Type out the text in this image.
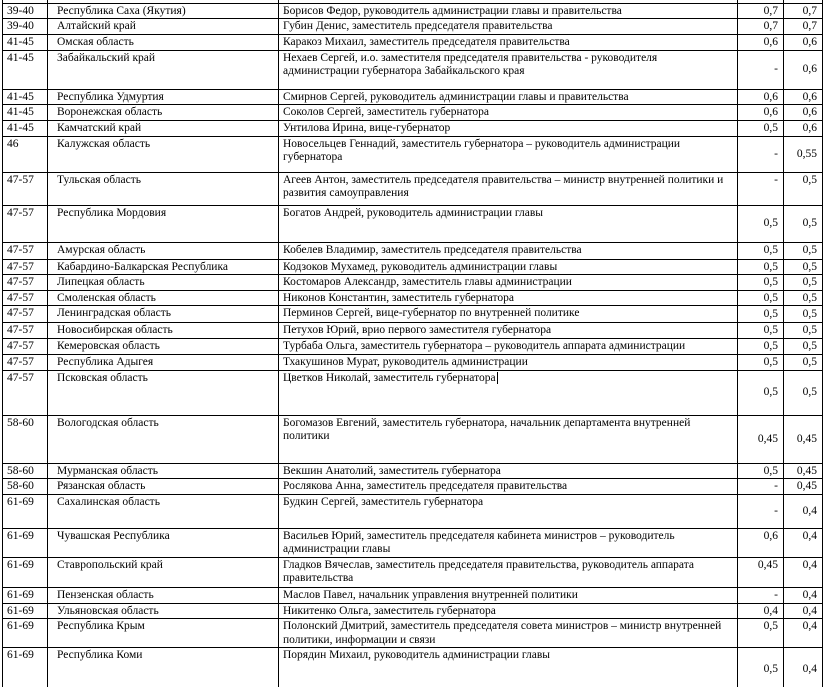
39-40	Республика Саха (Якутия)	Борисов Федор, руководитель администрации главы и правительства	0,7	0,7
39-40	Алтайский край	Губин Денис, заместитель председателя правительства	0,7	0,7
41-45	Омская область	Каракоз Михаил, заместитель председателя правительства	0,6	0,6
41-45	Забайкальский край	Нехаев Сергей, и.о. заместителя председателя правительства - руководителя администрации губернатора Забайкальского края	-	0,6
41-45	Республика Удмуртия	Смирнов Сергей, руководитель администрации главы и правительства	0,6	0,6
41-45	Воронежская область	Соколов Сергей, заместитель губернатора	0,6	0,6
41-45	Камчатский край	Унтилова Ирина, вице-губернатор	0,5	0,6
46	Калужская область	Новосельцев Геннадий, заместитель губернатора – руководитель администрации губернатора	-	0,55
47-57	Тульская область	Агеев Антон, заместитель председателя правительства – министр внутренней политики и развития самоуправления	-	0,5
47-57	Республика Мордовия	Богатов Андрей, руководитель администрации главы	0,5	0,5
47-57	Амурская область	Кобелев Владимир, заместитель председателя правительства	0,5	0,5
47-57	Кабардино-Балкарская Республика	Кодзоков Мухамед, руководитель администрации главы	0,5	0,5
47-57	Липецкая область	Костомаров Александр, заместитель главы администрации	0,5	0,5
47-57	Смоленская область	Никонов Константин, заместитель губернатора	0,5	0,5
47-57	Ленинградская область	Перминов Сергей, вице-губернатор по внутренней политике	0,5	0,5
47-57	Новосибирская область	Петухов Юрий, врио первого заместителя губернатора	0,5	0,5
47-57	Кемеровская область	Турбаба Ольга, заместитель губернатора – руководитель аппарата администрации	0,5	0,5
47-57	Республика Адыгея	Тхакушинов Мурат, руководитель администрации	0,5	0,5
47-57	Псковская область	Цветков Николай, заместитель губернатора	0,5	0,5
58-60	Вологодская область	Богомазов Евгений, заместитель губернатора, начальник департамента внутренней политики	0,45	0,45
58-60	Мурманская область	Векшин Анатолий, заместитель губернатора	0,5	0,45
58-60	Рязанская область	Рослякова Анна, заместитель председателя правительства	-	0,45
61-69	Сахалинская область	Будкин Сергей, заместитель губернатора	-	0,4
61-69	Чувашская Республика	Васильев Юрий, заместитель председателя кабинета министров – руководитель администрации главы	0,6	0,4
61-69	Ставропольский край	Гладков Вячеслав, заместитель председателя правительства, руководитель аппарата правительства	0,45	0,4
61-69	Пензенская область	Маслов Павел, начальник управления внутренней политики	-	0,4
61-69	Ульяновская область	Никитенко Ольга, заместитель губернатора	0,4	0,4
61-69	Республика Крым	Полонский Дмитрий, заместитель председателя совета министров – министр внутренней политики, информации и связи	0,5	0,4
61-69	Республика Коми	Порядин Михаил, руководитель администрации главы	0,5	0,4
